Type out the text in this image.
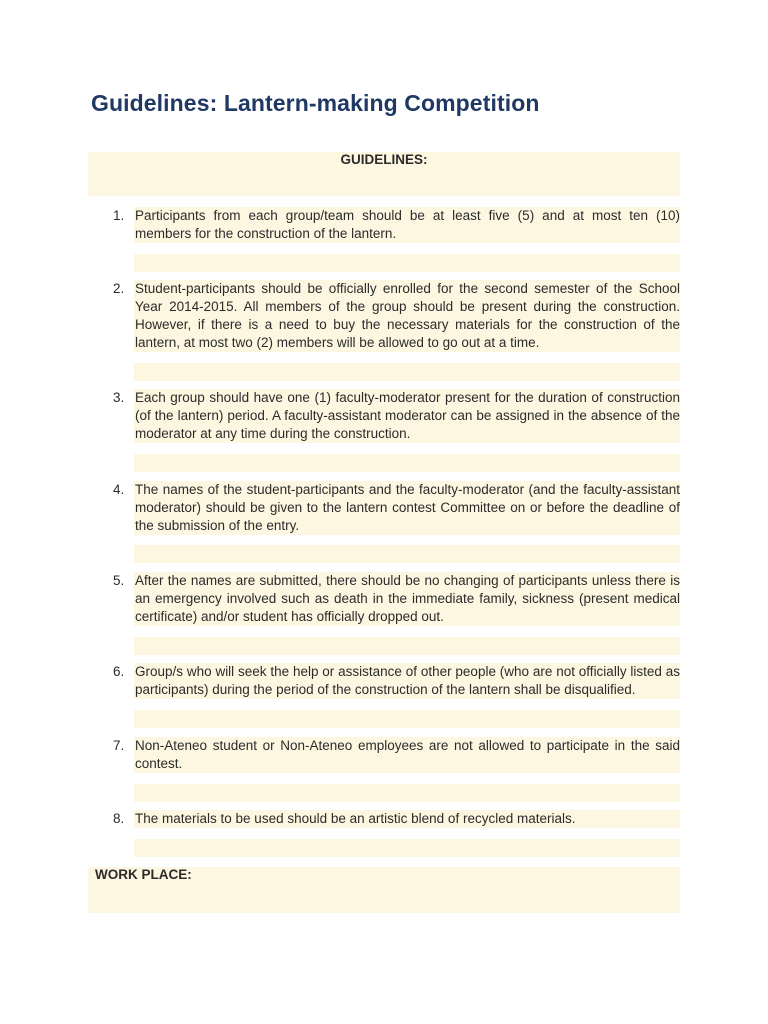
Guidelines: Lantern-making Competition
GUIDELINES:
1. Participants from each group/team should be at least five (5) and at most ten (10) members for the construction of the lantern.
2. Student-participants should be officially enrolled for the second semester of the School Year 2014-2015. All members of the group should be present during the construction. However, if there is a need to buy the necessary materials for the construction of the lantern, at most two (2) members will be allowed to go out at a time.
3. Each group should have one (1) faculty-moderator present for the duration of construction (of the lantern) period. A faculty-assistant moderator can be assigned in the absence of the moderator at any time during the construction.
4. The names of the student-participants and the faculty-moderator (and the faculty-assistant moderator) should be given to the lantern contest Committee on or before the deadline of the submission of the entry.
5. After the names are submitted, there should be no changing of participants unless there is an emergency involved such as death in the immediate family, sickness (present medical certificate) and/or student has officially dropped out.
6. Group/s who will seek the help or assistance of other people (who are not officially listed as participants) during the period of the construction of the lantern shall be disqualified.
7. Non-Ateneo student or Non-Ateneo employees are not allowed to participate in the said contest.
8. The materials to be used should be an artistic blend of recycled materials.
WORK PLACE:
